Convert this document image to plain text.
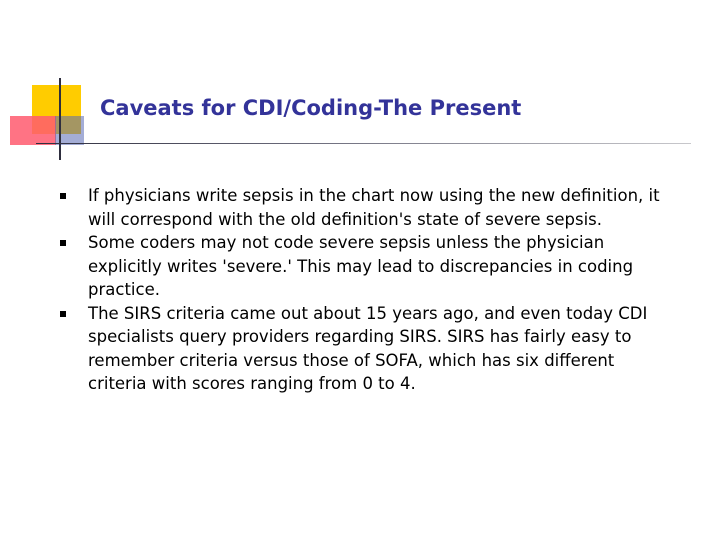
Caveats for CDI/Coding-The Present
If physicians write sepsis in the chart now using the new definition, it will correspond with the old definition's state of severe sepsis.
Some coders may not code severe sepsis unless the physician explicitly writes 'severe.' This may lead to discrepancies in coding practice.
The SIRS criteria came out about 15 years ago, and even today CDI specialists query providers regarding SIRS. SIRS has fairly easy to remember criteria versus those of SOFA, which has six different criteria with scores ranging from 0 to 4.
